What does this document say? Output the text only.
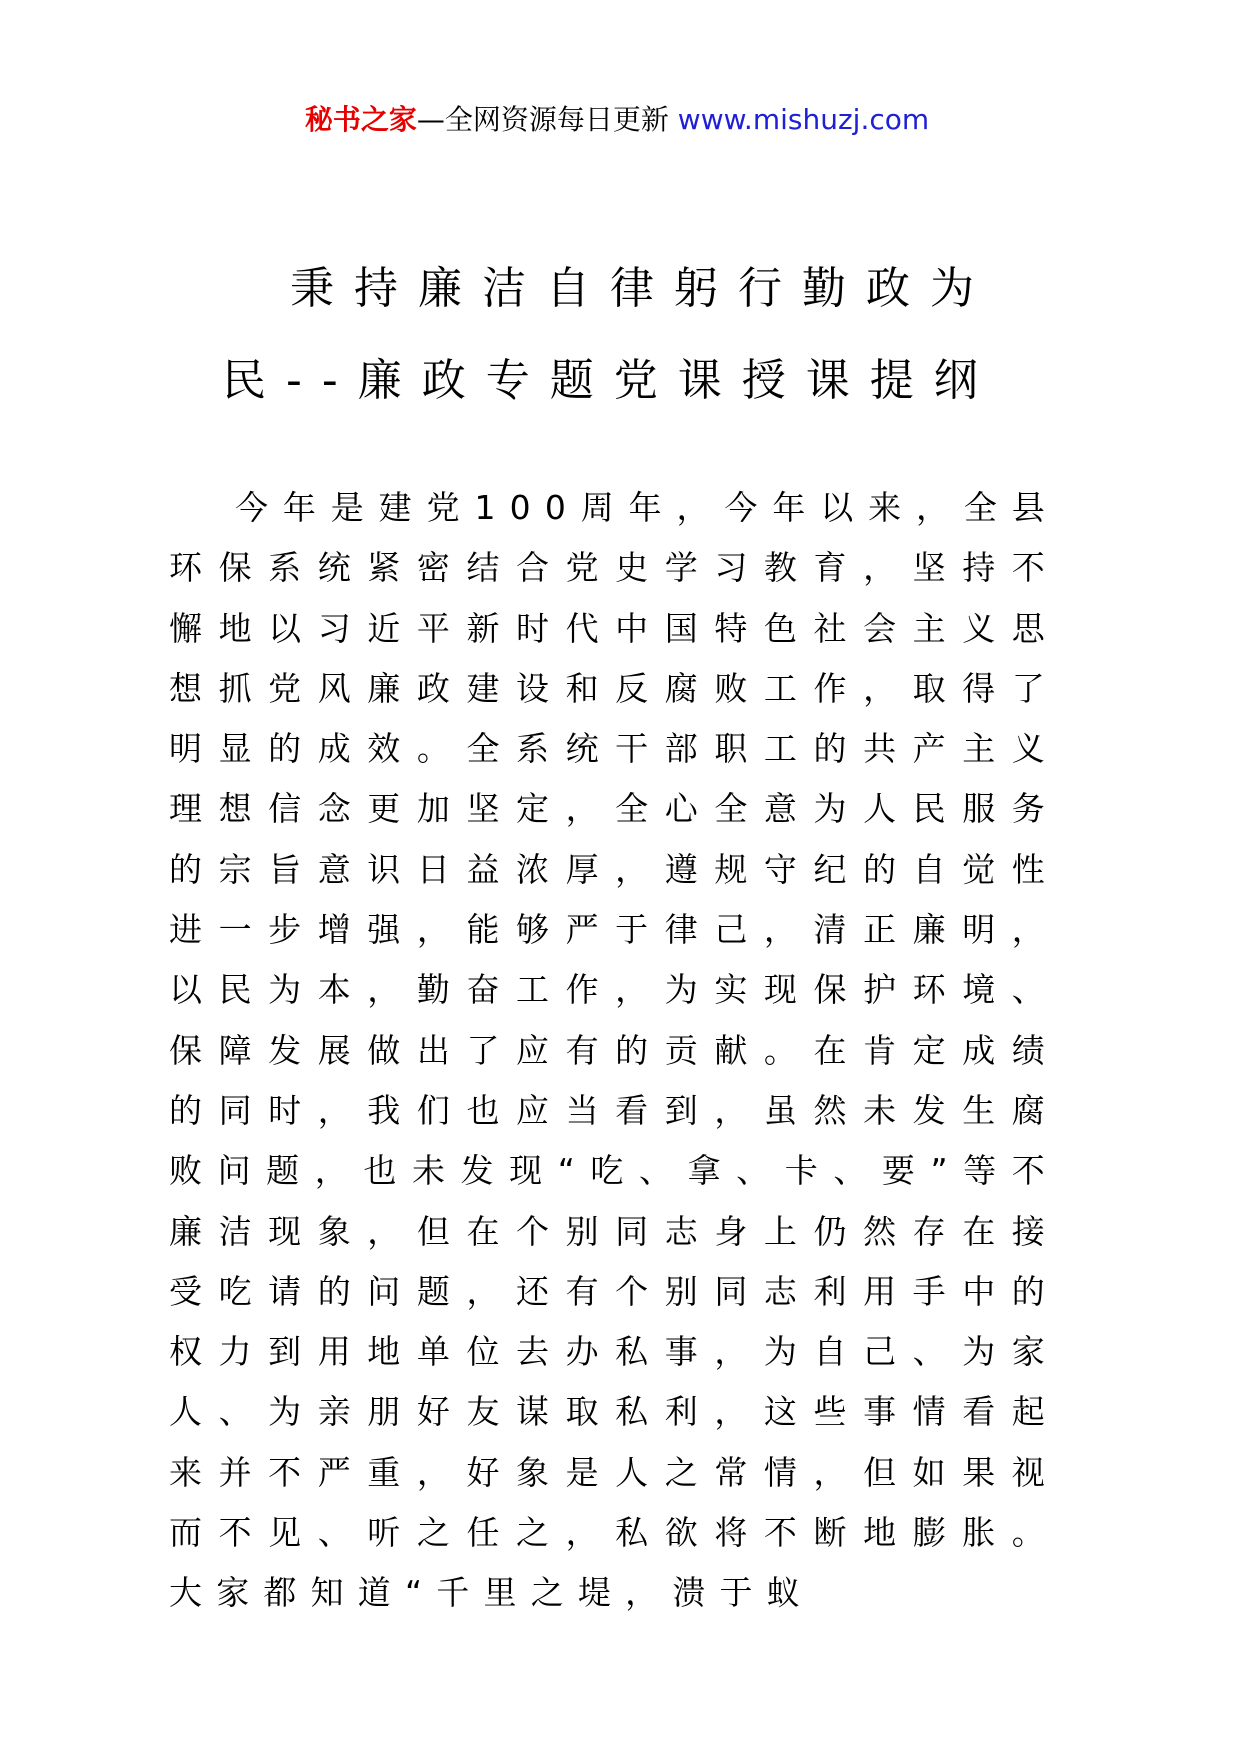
秘书之家—全网资源每日更新 www.mishuzj.com
秉持廉洁自律躬行勤政为
民--廉政专题党课授课提纲

今年是建党100周年，今年以来，全县环保系统紧密结合党史学习教育，坚持不懈地以习近平新时代中国特色社会主义思想抓党风廉政建设和反腐败工作，取得了明显的成效。全系统干部职工的共产主义理想信念更加坚定，全心全意为人民服务的宗旨意识日益浓厚，遵规守纪的自觉性进一步增强，能够严于律己，清正廉明，以民为本，勤奋工作，为实现保护环境、保障发展做出了应有的贡献。在肯定成绩的同时，我们也应当看到，虽然未发生腐败问题，也未发现“吃、拿、卡、要”等不廉洁现象，但在个别同志身上仍然存在接受吃请的问题，还有个别同志利用手中的权力到用地单位去办私事，为自己、为家人、为亲朋好友谋取私利，这些事情看起来并不严重，好象是人之常情，但如果视而不见、听之任之，私欲将不断地膨胀。大家都知道“千里之堤，溃于蚁
